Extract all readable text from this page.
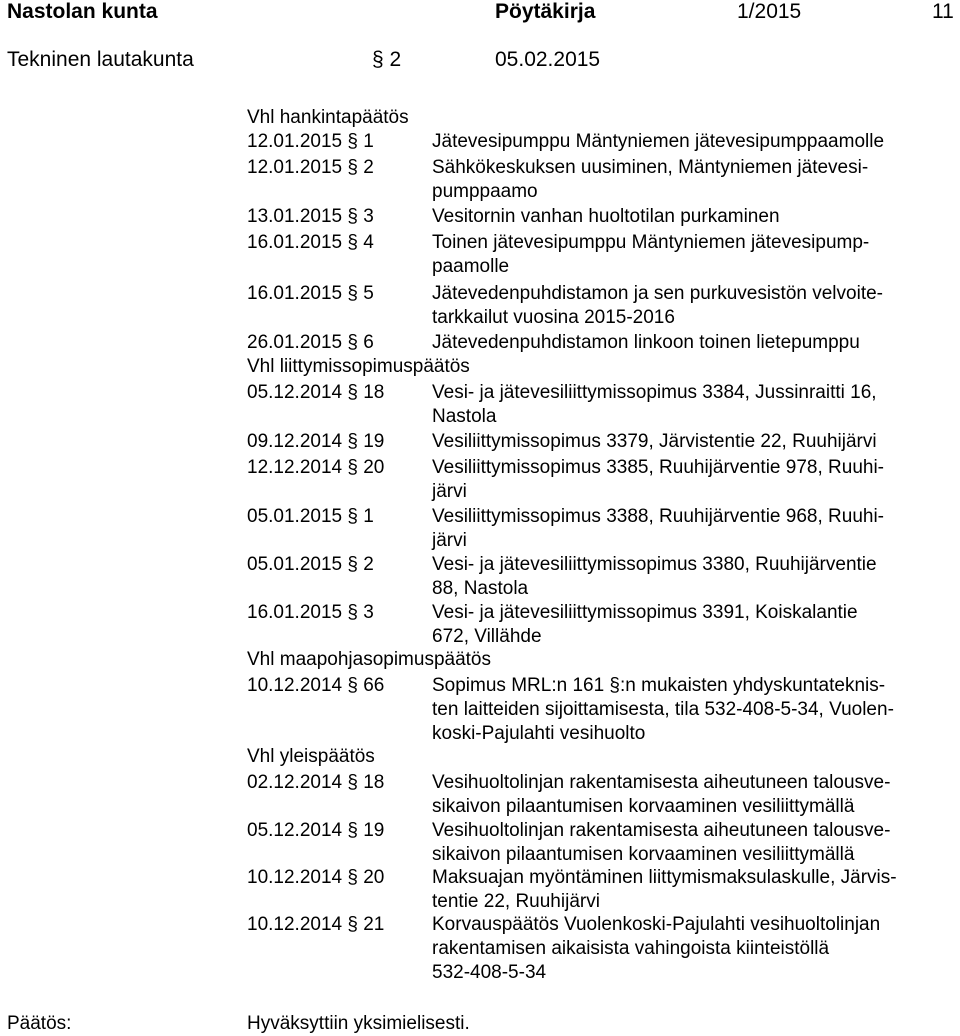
Nastolan kunta	Pöytäkirja	1/2015	11
Tekninen lautakunta	§ 2	05.02.2015
Vhl hankintapäätös
12.01.2015 § 1	Jätevesipumppu Mäntyniemen jätevesipumppaamolle
12.01.2015 § 2	Sähkökeskuksen uusiminen, Mäntyniemen jätevesi-
pumppaamo
13.01.2015 § 3	Vesitornin vanhan huoltotilan purkaminen
16.01.2015 § 4	Toinen jätevesipumppu Mäntyniemen jätevesipump-
paamolle
16.01.2015 § 5	Jätevedenpuhdistamon ja sen purkuvesistön velvoite-
tarkkailut vuosina 2015-2016
26.01.2015 § 6	Jätevedenpuhdistamon linkoon toinen lietepumppu
Vhl liittymissopimuspäätös
05.12.2014 § 18	Vesi- ja jätevesiliittymissopimus 3384, Jussinraitti 16,
Nastola
09.12.2014 § 19	Vesiliittymissopimus 3379, Järvistentie 22, Ruuhijärvi
12.12.2014 § 20	Vesiliittymissopimus 3385, Ruuhijärventie 978, Ruuhi-
järvi
05.01.2015 § 1	Vesiliittymissopimus 3388, Ruuhijärventie 968, Ruuhi-
järvi
05.01.2015 § 2	Vesi- ja jätevesiliittymissopimus 3380, Ruuhijärventie
88, Nastola
16.01.2015 § 3	Vesi- ja jätevesiliittymissopimus 3391, Koiskalantie
672, Villähde
Vhl maapohjasopimuspäätös
10.12.2014 § 66	Sopimus MRL:n 161 §:n mukaisten yhdyskuntateknis-
ten laitteiden sijoittamisesta, tila 532-408-5-34, Vuolen-
koski-Pajulahti vesihuolto
Vhl yleispäätös
02.12.2014 § 18	Vesihuoltolinjan rakentamisesta aiheutuneen talousve-
sikaivon pilaantumisen korvaaminen vesiliittymällä
05.12.2014 § 19	Vesihuoltolinjan rakentamisesta aiheutuneen talousve-
sikaivon pilaantumisen korvaaminen vesiliittymällä
10.12.2014 § 20	Maksuajan myöntäminen liittymismaksulaskulle, Järvis-
tentie 22, Ruuhijärvi
10.12.2014 § 21	Korvauspäätös Vuolenkoski-Pajulahti vesihuoltolinjan
rakentamisen aikaisista vahingoista kiinteistöllä
532-408-5-34
Päätös:	Hyväksyttiin yksimielisesti.
